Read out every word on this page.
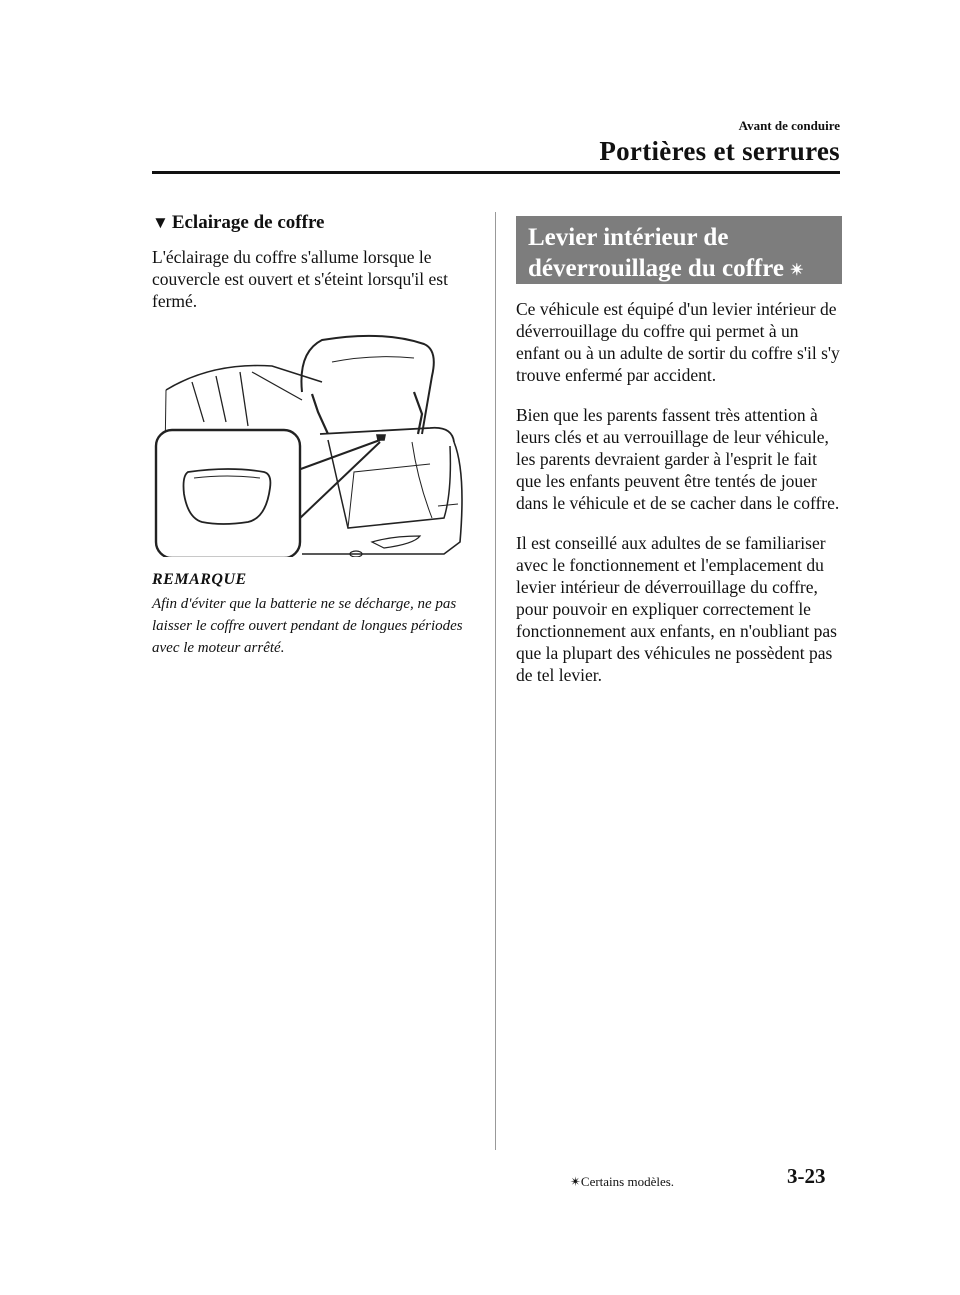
Avant de conduire
Portières et serrures
▼ Eclairage de coffre

L'éclairage du coffre s'allume lorsque le couvercle est ouvert et s'éteint lorsqu'il est fermé.

REMARQUE
Afin d'éviter que la batterie ne se décharge, ne pas laisser le coffre ouvert pendant de longues périodes avec le moteur arrêté.
Levier intérieur de
déverrouillage du coffre ✴

Ce véhicule est équipé d'un levier intérieur de déverrouillage du coffre qui permet à un enfant ou à un adulte de sortir du coffre s'il s'y trouve enfermé par accident.

Bien que les parents fassent très attention à leurs clés et au verrouillage de leur véhicule, les parents devraient garder à l'esprit le fait que les enfants peuvent être tentés de jouer dans le véhicule et de se cacher dans le coffre.

Il est conseillé aux adultes de se familiariser avec le fonctionnement et l'emplacement du levier intérieur de déverrouillage du coffre, pour pouvoir en expliquer correctement le fonctionnement aux enfants, en n'oubliant pas que la plupart des véhicules ne possèdent pas de tel levier.

✴Certains modèles.	3-23
